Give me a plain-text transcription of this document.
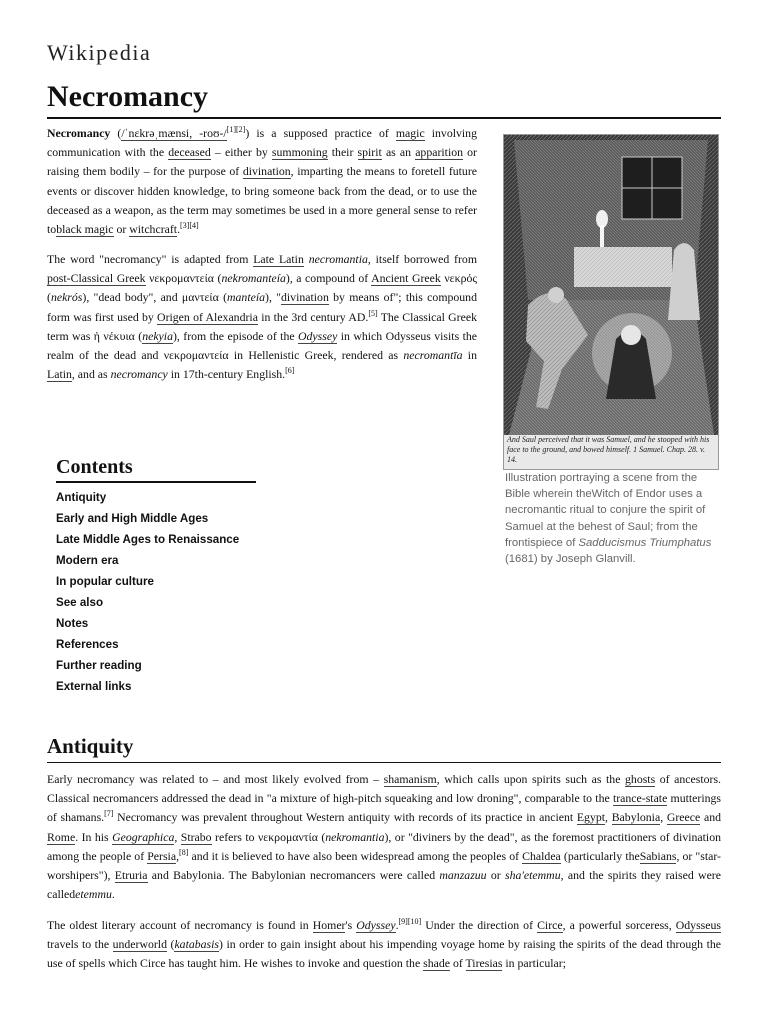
Wikipedia
Necromancy

Necromancy (/ˈnɛkrəˌmænsi, -roʊ-/[1][2]) is a supposed practice of magic involving communication with the deceased – either by summoning their spirit as an apparition or raising them bodily – for the purpose of divination, imparting the means to foretell future events or discover hidden knowledge, to bring someone back from the dead, or to use the deceased as a weapon, as the term may sometimes be used in a more general sense to refer toblack magic or witchcraft.[3][4]

The word "necromancy" is adapted from Late Latin necromantia, itself borrowed from post-Classical Greek νεκρομαντεία (nekromanteía), a compound of Ancient Greek νεκρός (nekrós), "dead body", and μαντεία (manteía), "divination by means of"; this compound form was first used by Origen of Alexandria in the 3rd century AD.[5] The Classical Greek term was ἡ νέκυια (nekyia), from the episode of the Odyssey in which Odysseus visits the realm of the dead and νεκρομαντεία in Hellenistic Greek, rendered as necromantīa in Latin, and as necromancy in 17th-century English.[6]

And Saul perceived that it was Samuel, and he stooped with his face to the ground, and bowed himself. 1 Samuel. Chap. 28. v. 14.

Illustration portraying a scene from the Bible wherein theWitch of Endor uses a necromantic ritual to conjure the spirit of Samuel at the behest of Saul; from the frontispiece of Sadducismus Triumphatus (1681) by Joseph Glanvill.

Contents
Antiquity
Early and High Middle Ages
Late Middle Ages to Renaissance
Modern era
In popular culture
See also
Notes
References
Further reading
External links
Antiquity

Early necromancy was related to – and most likely evolved from – shamanism, which calls upon spirits such as the ghosts of ancestors. Classical necromancers addressed the dead in "a mixture of high-pitch squeaking and low droning", comparable to the trance-state mutterings of shamans.[7] Necromancy was prevalent throughout Western antiquity with records of its practice in ancient Egypt, Babylonia, Greece and Rome. In his Geographica, Strabo refers to νεκρομαντία (nekromantia), or "diviners by the dead", as the foremost practitioners of divination among the people of Persia,[8] and it is believed to have also been widespread among the peoples of Chaldea (particularly theSabians, or "star-worshipers"), Etruria and Babylonia. The Babylonian necromancers were called manzazuu or sha'etemmu, and the spirits they raised were calledetemmu.

The oldest literary account of necromancy is found in Homer's Odyssey.[9][10] Under the direction of Circe, a powerful sorceress, Odysseus travels to the underworld (katabasis) in order to gain insight about his impending voyage home by raising the spirits of the dead through the use of spells which Circe has taught him. He wishes to invoke and question the shade of Tiresias in particular;
